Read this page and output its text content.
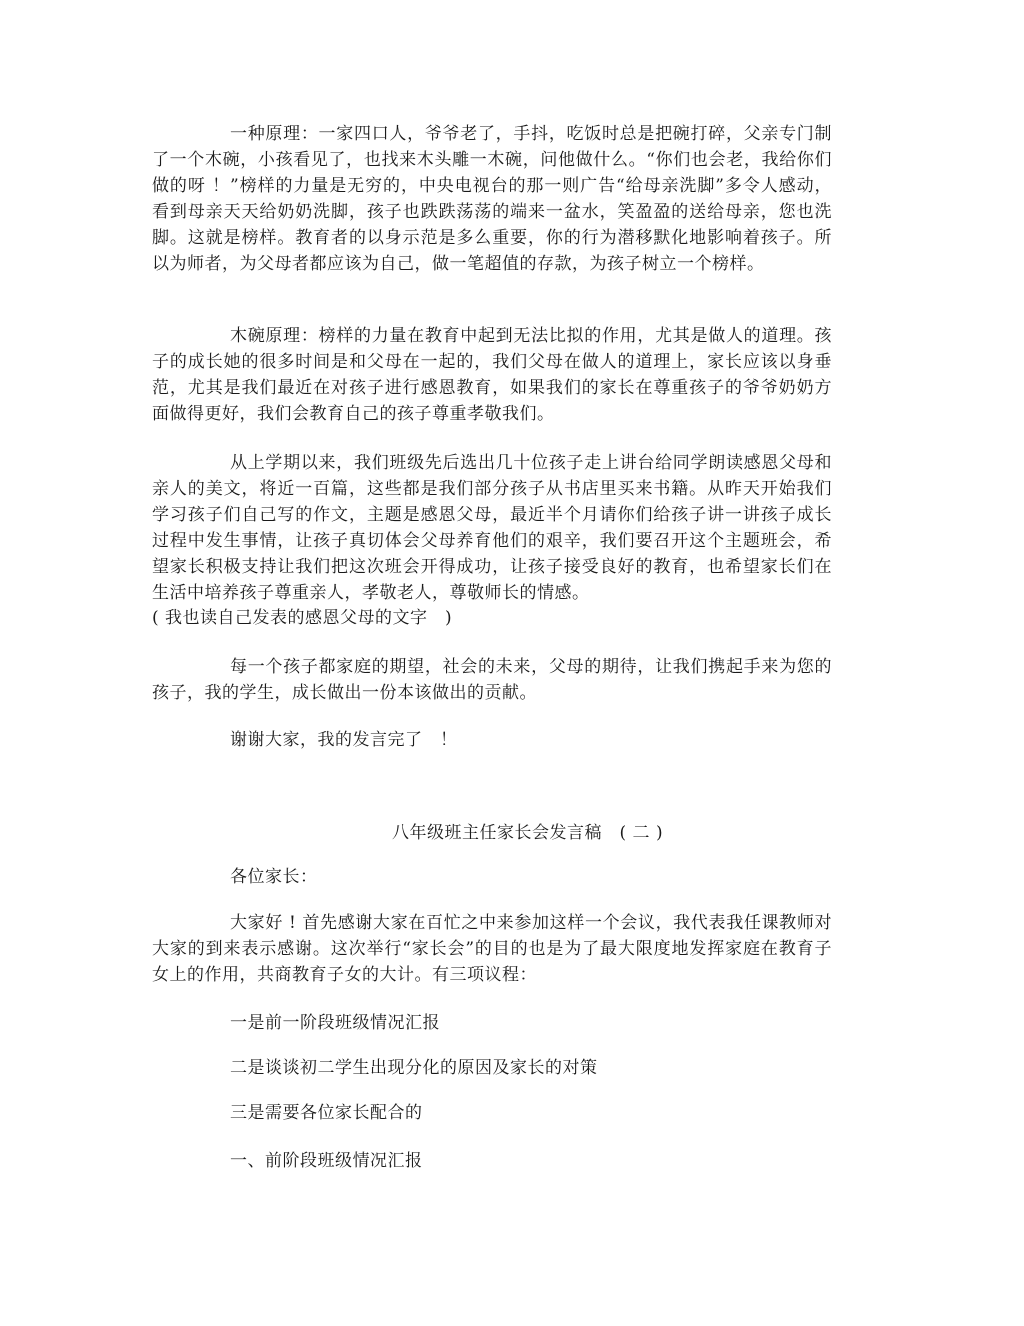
一种原理：一家四口人，爷爷老了，手抖，吃饭时总是把碗打碎，父亲专门制了一个木碗，小孩看见了，也找来木头雕一木碗，问他做什么。“你们也会老，我给你们做的呀 ！”榜样的力量是无穷的，中央电视台的那一则广告“给母亲洗脚”多令人感动，看到母亲天天给奶奶洗脚，孩子也跌跌荡荡的端来一盆水，笑盈盈的送给母亲，您也洗脚。这就是榜样。教育者的以身示范是多么重要，你的行为潜移默化地影响着孩子。所以为师者，为父母者都应该为自己，做一笔超值的存款，为孩子树立一个榜样。

木碗原理：榜样的力量在教育中起到无法比拟的作用，尤其是做人的道理。孩子的成长她的很多时间是和父母在一起的，我们父母在做人的道理上，家长应该以身垂范，尤其是我们最近在对孩子进行感恩教育，如果我们的家长在尊重孩子的爷爷奶奶方面做得更好，我们会教育自己的孩子尊重孝敬我们。

从上学期以来，我们班级先后选出几十位孩子走上讲台给同学朗读感恩父母和亲人的美文，将近一百篇，这些都是我们部分孩子从书店里买来书籍。从昨天开始我们学习孩子们自己写的作文，主题是感恩父母，最近半个月请你们给孩子讲一讲孩子成长过程中发生事情，让孩子真切体会父母养育他们的艰辛，我们要召开这个主题班会，希望家长积极支持让我们把这次班会开得成功，让孩子接受良好的教育，也希望家长们在生活中培养孩子尊重亲人，孝敬老人，尊敬师长的情感。

( 我也读自己发表的感恩父母的文字　)

每一个孩子都家庭的期望，社会的未来，父母的期待，让我们携起手来为您的孩子，我的学生，成长做出一份本该做出的贡献。

谢谢大家，我的发言完了　！
八年级班主任家长会发言稿　( 二 )
各位家长：

大家好 ! 首先感谢大家在百忙之中来参加这样一个会议，我代表我任课教师对大家的到来表示感谢。这次举行“家长会”的目的也是为了最大限度地发挥家庭在教育子女上的作用，共商教育子女的大计。有三项议程：

一是前一阶段班级情况汇报
二是谈谈初二学生出现分化的原因及家长的对策
三是需要各位家长配合的
一、前阶段班级情况汇报
